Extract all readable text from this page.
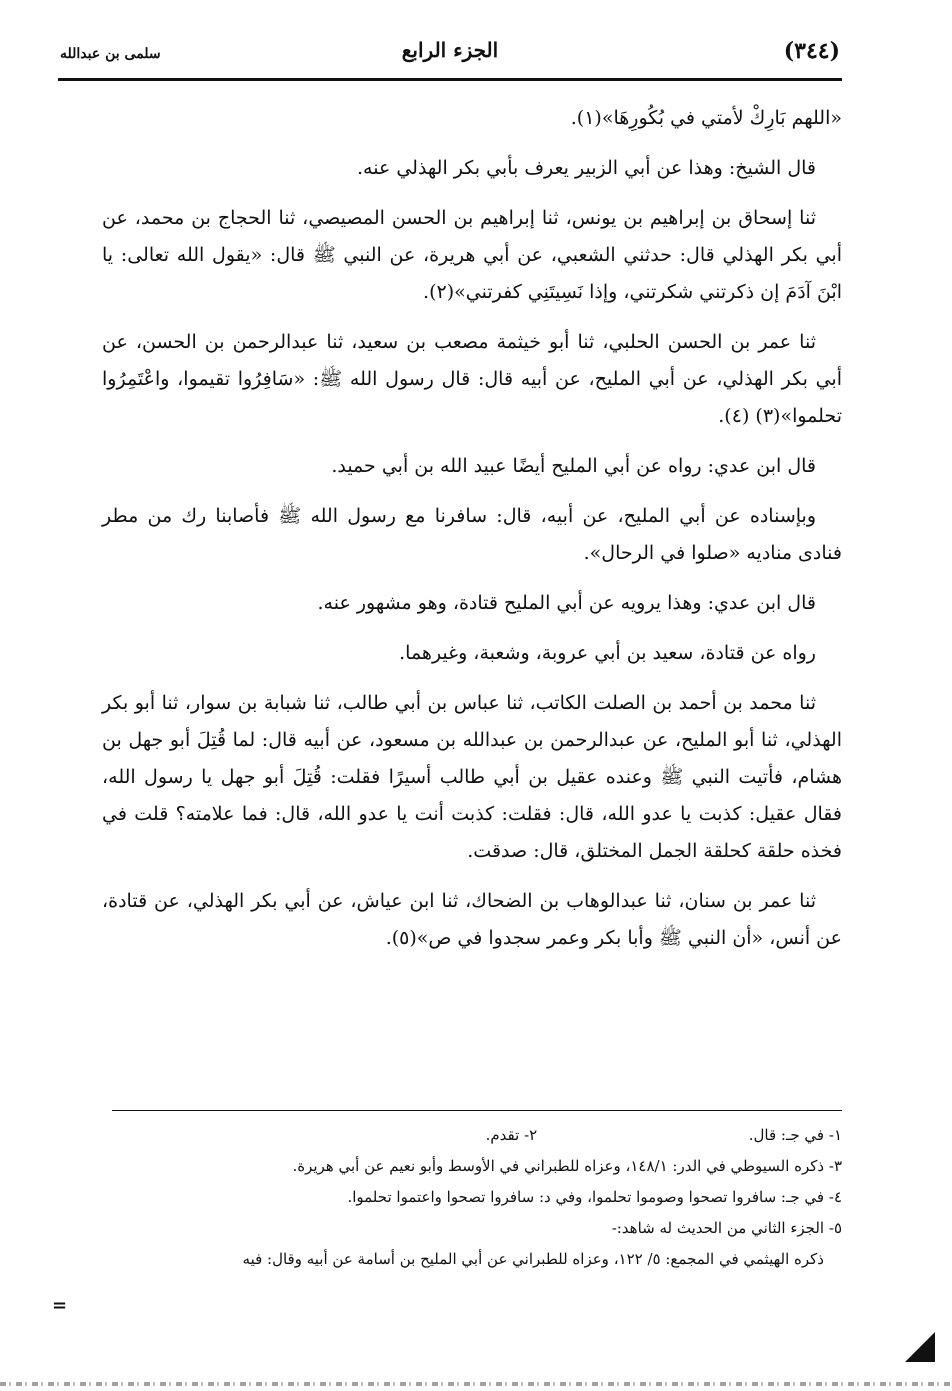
(٣٤٤)
الجزء الرابع
سلمى بن عبدالله

«اللهم بَارِكْ لأمتي في بُكُورِهَا»(١).

قال الشيخ: وهذا عن أبي الزبير يعرف بأبي بكر الهذلي عنه.

ثنا إسحاق بن إبراهيم بن يونس، ثنا إبراهيم بن الحسن المصيصي، ثنا الحجاج بن محمد، عن أبي بكر الهذلي قال: حدثني الشعبي، عن أبي هريرة، عن النبي ﷺ قال: «يقول الله تعالى: يا ابْنَ آدَمَ إن ذكرتني شكرتني، وإذا نَسِيتَنِي كفرتني»(٢).

ثنا عمر بن الحسن الحلبي، ثنا أبو خيثمة مصعب بن سعيد، ثنا عبدالرحمن بن الحسن، عن أبي بكر الهذلي، عن أبي المليح، عن أبيه قال: قال رسول الله ﷺ: «سَافِرُوا تقيموا، واعْتَمِرُوا تحلموا»(٣) (٤).

قال ابن عدي: رواه عن أبي المليح أيضًا عبيد الله بن أبي حميد.

وبإسناده عن أبي المليح، عن أبيه، قال: سافرنا مع رسول الله ﷺ فأصابنا رك من مطر فنادى مناديه «صلوا في الرحال».

قال ابن عدي: وهذا يرويه عن أبي المليح قتادة، وهو مشهور عنه.

رواه عن قتادة، سعيد بن أبي عروبة، وشعبة، وغيرهما.

ثنا محمد بن أحمد بن الصلت الكاتب، ثنا عباس بن أبي طالب، ثنا شبابة بن سوار، ثنا أبو بكر الهذلي، ثنا أبو المليح، عن عبدالرحمن بن عبدالله بن مسعود، عن أبيه قال: لما قُتِلَ أبو جهل بن هشام، فأتيت النبي ﷺ وعنده عقيل بن أبي طالب أسيرًا فقلت: قُتِلَ أبو جهل يا رسول الله، فقال عقيل: كذبت يا عدو الله، قال: فقلت: كذبت أنت يا عدو الله، قال: فما علامته؟ قلت في فخذه حلقة كحلقة الجمل المختلق، قال: صدقت.

ثنا عمر بن سنان، ثنا عبدالوهاب بن الضحاك، ثنا ابن عياش، عن أبي بكر الهذلي، عن قتادة، عن أنس، «أن النبي ﷺ وأبا بكر وعمر سجدوا في ص»(٥).

١- في جـ: قال. ٢- تقدم.
٣- ذكره السيوطي في الدر: ١٤٨/١، وعزاه للطبراني في الأوسط وأبو نعيم عن أبي هريرة.
٤- في جـ: سافروا تصحوا وصوموا تحلموا، وفي د: سافروا تصحوا واعتموا تحلموا.
٥- الجزء الثاني من الحديث له شاهد:-
ذكره الهيثمي في المجمع: ٥/ ١٢٢، وعزاه للطبراني عن أبي المليح بن أسامة عن أبيه وقال: فيه
=
